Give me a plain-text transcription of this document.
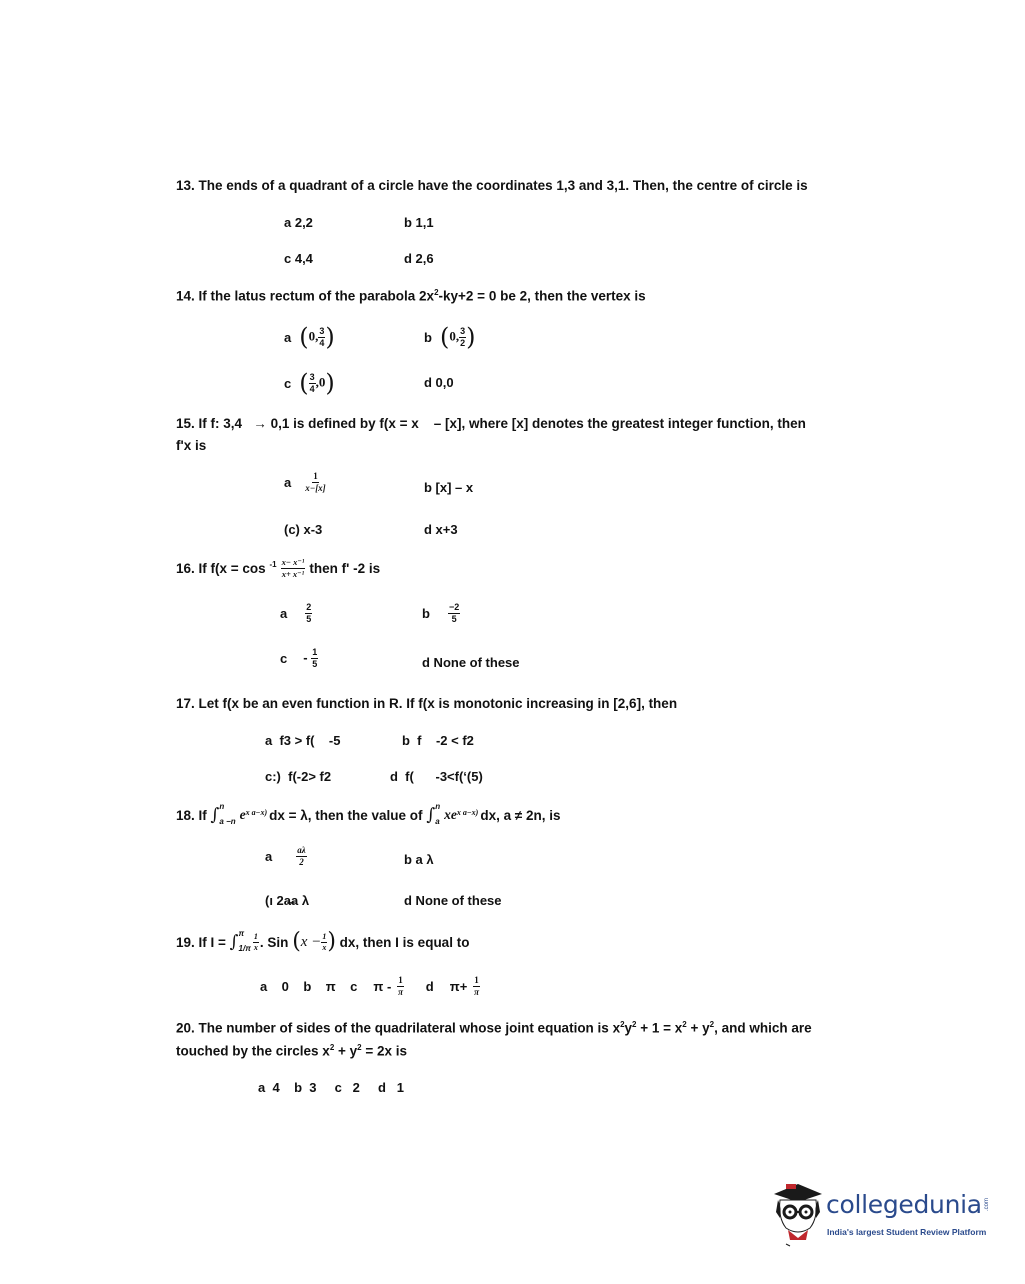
13. The ends of a quadrant of a circle have the coordinates 1,3 and 3,1. Then, the centre of circle is
a 2,2	b 1,1
c 4,4	d 2,6
14. If the latus rectum of the parabola $2x^2-ky+2 = 0$ be 2, then the vertex is
a (0, $\frac{3}{4}$ )	b (0, $\frac{3}{2}$ )
c ( $\frac{3}{4} ,0$)	d 0,0
15. If f: 3,4 → 0,1 is defined by f(x = x – [x], where [x] denotes the greatest integer function, then
f'x is
a $\frac{1}{x-[x]}$	b [x] – x
(c) x-3	d x+3
16. If f(x = cos
$-1 \frac{\text{x− x⁻¹}}{\text{x+ x⁻¹}}$ then f' -2 is
a $\frac{2}{5}$	b $\frac{-2}{5}$
c - $\frac{1}{5}$	d None of these
17. Let f(x be an even function in R. If f(x is monotonic increasing in [2,6], then
a  f3 > f(    -5	b  f    -2 < f2
c:)  f(-2> f2	d  f(      -3<f(‘(5)
18. If
∫ n
a −n e x a−x) dx = λ, then the value of
∫ n
a xe x a−x) dx, a ≠ 2n, is
a	$\frac{a\lambda}{2}$	b a λ
(ı 2a̶a λ	d None of these
19. If I =
∫ π
$1/\pi \frac{1}{x}$ . Sin
( $x - \frac{1}{x}$ )
dx, then I is equal to
a    0    b    π    c π - $\frac{1}{\pi}$ d $\pi+ \frac{1}{\pi}$
20. The number of sides of the quadrilateral whose joint equation is $x^2y^2 + 1 = x^2 + y^2$, and which are
touched by the circles $x^2 + y^2 = 2x$ is
a  4    b  3     c   2     d   1
collegedunia .com
India's largest Student Review Platform
